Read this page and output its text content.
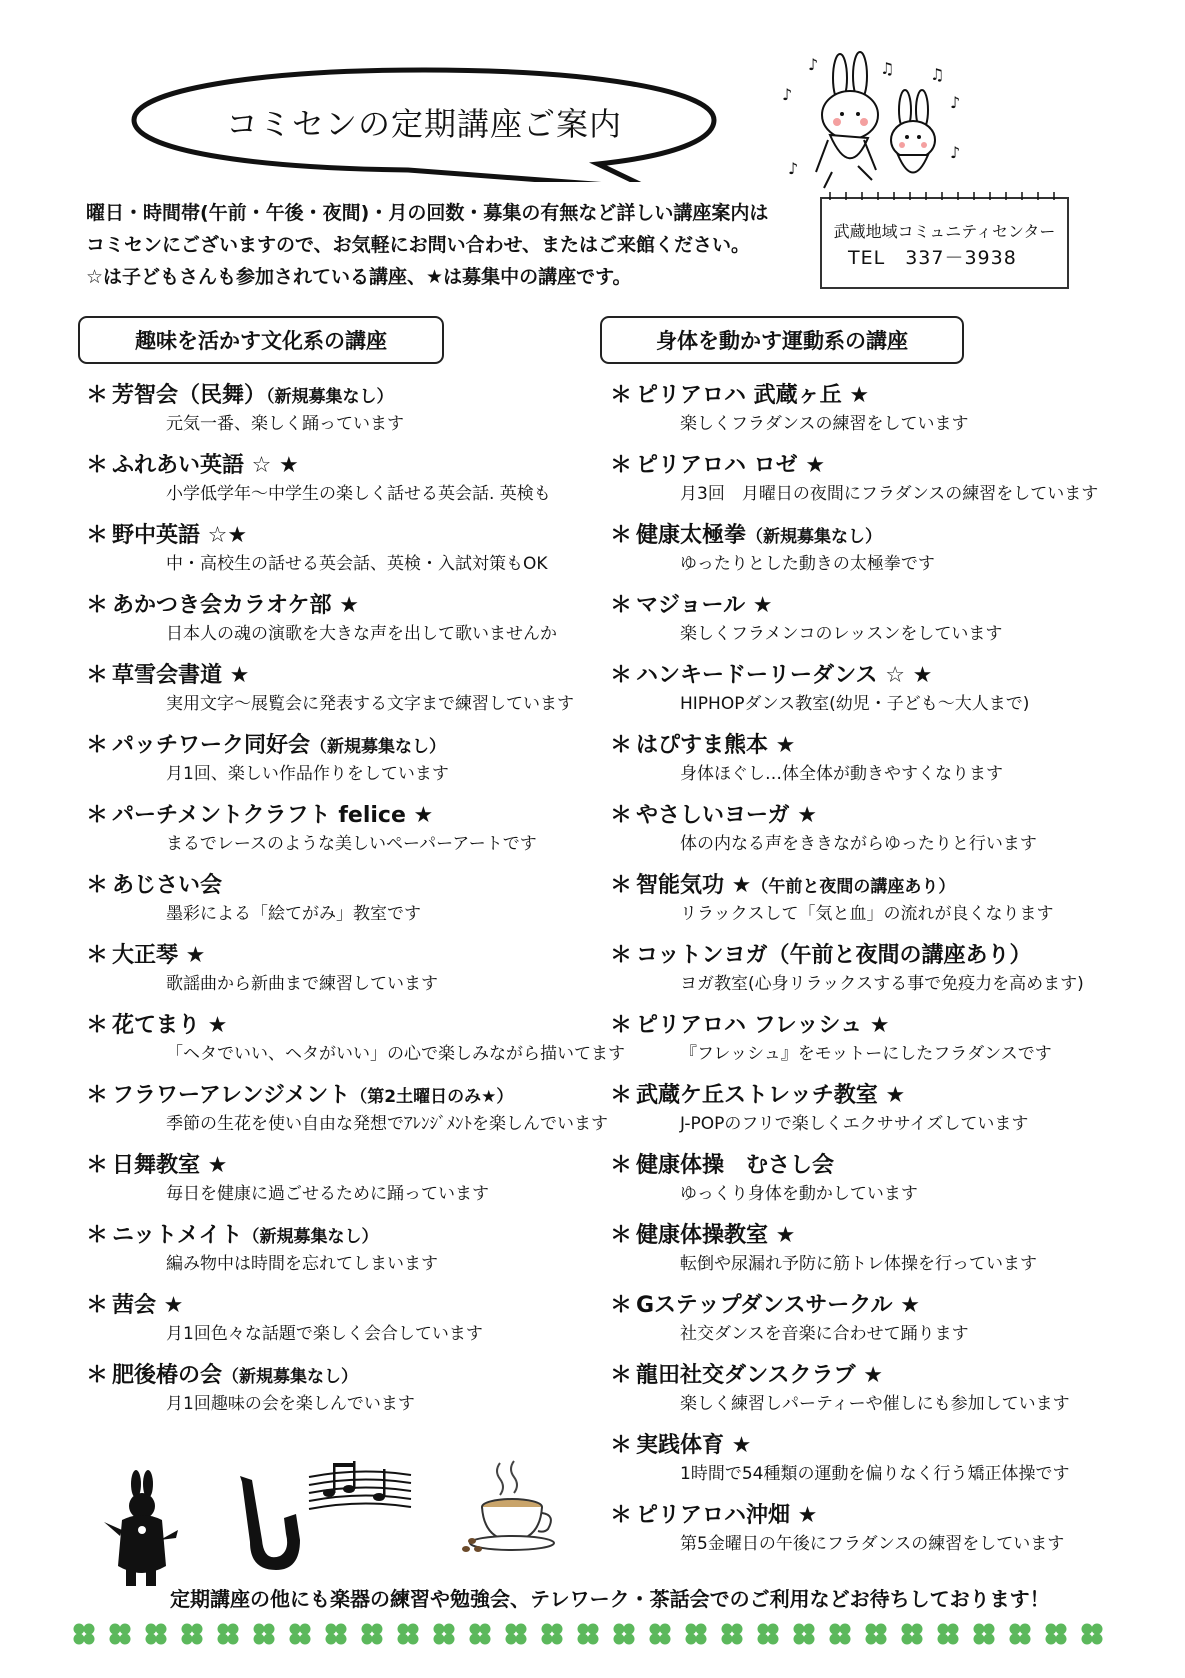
コミセンの定期講座ご案内
♪
♪	♫ ♫
♪
♪
♪
曜日・時間帯(午前・午後・夜間)・月の回数・募集の有無など詳しい講座案内は
コミセンにございますので、お気軽にお問い合わせ、またはご来館ください。
☆は子どもさんも参加されている講座、★は募集中の講座です。
武蔵地域コミュニティセンター
TEL　337－3938
趣味を活かす文化系の講座	身体を動かす運動系の講座
＊ 芳智会（民舞）（新規募集なし）
元気一番、楽しく踊っています
＊ ふれあい英語 ☆ ★
小学低学年～中学生の楽しく話せる英会話. 英検も
＊ 野中英語 ☆★
中・高校生の話せる英会話、英検・入試対策もOK
＊ あかつき会カラオケ部 ★
日本人の魂の演歌を大きな声を出して歌いませんか
＊ 草雪会書道 ★
実用文字～展覧会に発表する文字まで練習しています
＊ パッチワーク同好会（新規募集なし）
月1回、楽しい作品作りをしています
＊ パーチメントクラフト felice ★
まるでレースのような美しいペーパーアートです
＊ あじさい会
墨彩による「絵てがみ」教室です
＊ 大正琴 ★
歌謡曲から新曲まで練習しています
＊ 花てまり ★
「ヘタでいい、ヘタがいい」の心で楽しみながら描いてます
＊ フラワーアレンジメント（第2土曜日のみ★）
季節の生花を使い自由な発想でｱﾚﾝｼﾞﾒﾝﾄを楽しんでいます
＊ 日舞教室 ★
毎日を健康に過ごせるために踊っています
＊ ニットメイト（新規募集なし）
編み物中は時間を忘れてしまいます
＊ 茜会 ★
月1回色々な話題で楽しく会合しています
＊ 肥後椿の会（新規募集なし）
月1回趣味の会を楽しんでいます
＊ ピリアロハ 武蔵ヶ丘 ★
楽しくフラダンスの練習をしています
＊ ピリアロハ ロゼ ★
月3回　月曜日の夜間にフラダンスの練習をしています
＊ 健康太極拳（新規募集なし）
ゆったりとした動きの太極拳です
＊ マジョール ★
楽しくフラメンコのレッスンをしています
＊ ハンキードーリーダンス ☆ ★
HIPHOPダンス教室(幼児・子ども～大人まで)
＊ はぴすま熊本 ★
身体ほぐし…体全体が動きやすくなります
＊ やさしいヨーガ ★
体の内なる声をききながらゆったりと行います
＊ 智能気功 ★（午前と夜間の講座あり）
リラックスして「気と血」の流れが良くなります
＊ コットンヨガ（午前と夜間の講座あり）
ヨガ教室(心身リラックスする事で免疫力を高めます)
＊ ピリアロハ フレッシュ ★
『フレッシュ』をモットーにしたフラダンスです
＊ 武蔵ケ丘ストレッチ教室 ★
J-POPのフリで楽しくエクササイズしています
＊ 健康体操　むさし会
ゆっくり身体を動かしています
＊ 健康体操教室 ★
転倒や尿漏れ予防に筋トレ体操を行っています
＊ Gステップダンスサークル ★
社交ダンスを音楽に合わせて踊ります
＊ 龍田社交ダンスクラブ ★
楽しく練習しパーティーや催しにも参加しています
＊ 実践体育 ★
1時間で54種類の運動を偏りなく行う矯正体操です
＊ ピリアロハ沖畑 ★
第5金曜日の午後にフラダンスの練習をしています
定期講座の他にも楽器の練習や勉強会、テレワーク・茶話会でのご利用などお待ちしております！
